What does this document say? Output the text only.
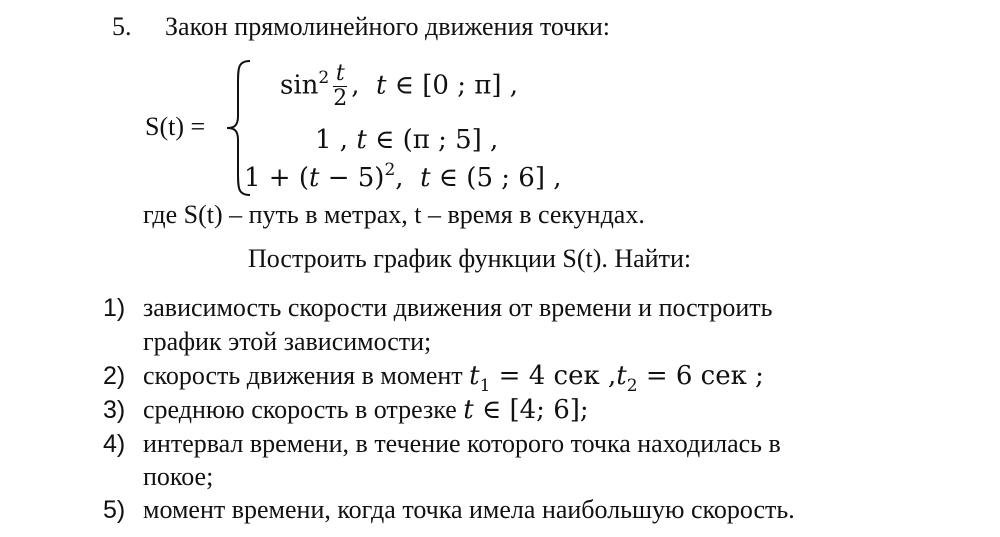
5. Закон прямолинейного движения точки:
S(t) =
$\sin^2 \frac{t}{2}$ , t ∈ [0 ; π] ,
1 , t ∈ (π ; 5] ,
$1 + (t - 5)^2$, t ∈ (5 ; 6] ,
где S(t) – путь в метрах, t – время в секундах.
Построить график функции S(t). Найти:
1) зависимость скорости движения от времени и построить
график этой зависимости;
2) скорость движения в момент $t_1 = 4$ сек $,t_2 = 6$ сек ;
3) среднюю скорость в отрезке t ∈ [4; 6];
4) интервал времени, в течение которого точка находилась в
покое;
5) момент времени, когда точка имела наибольшую скорость.
